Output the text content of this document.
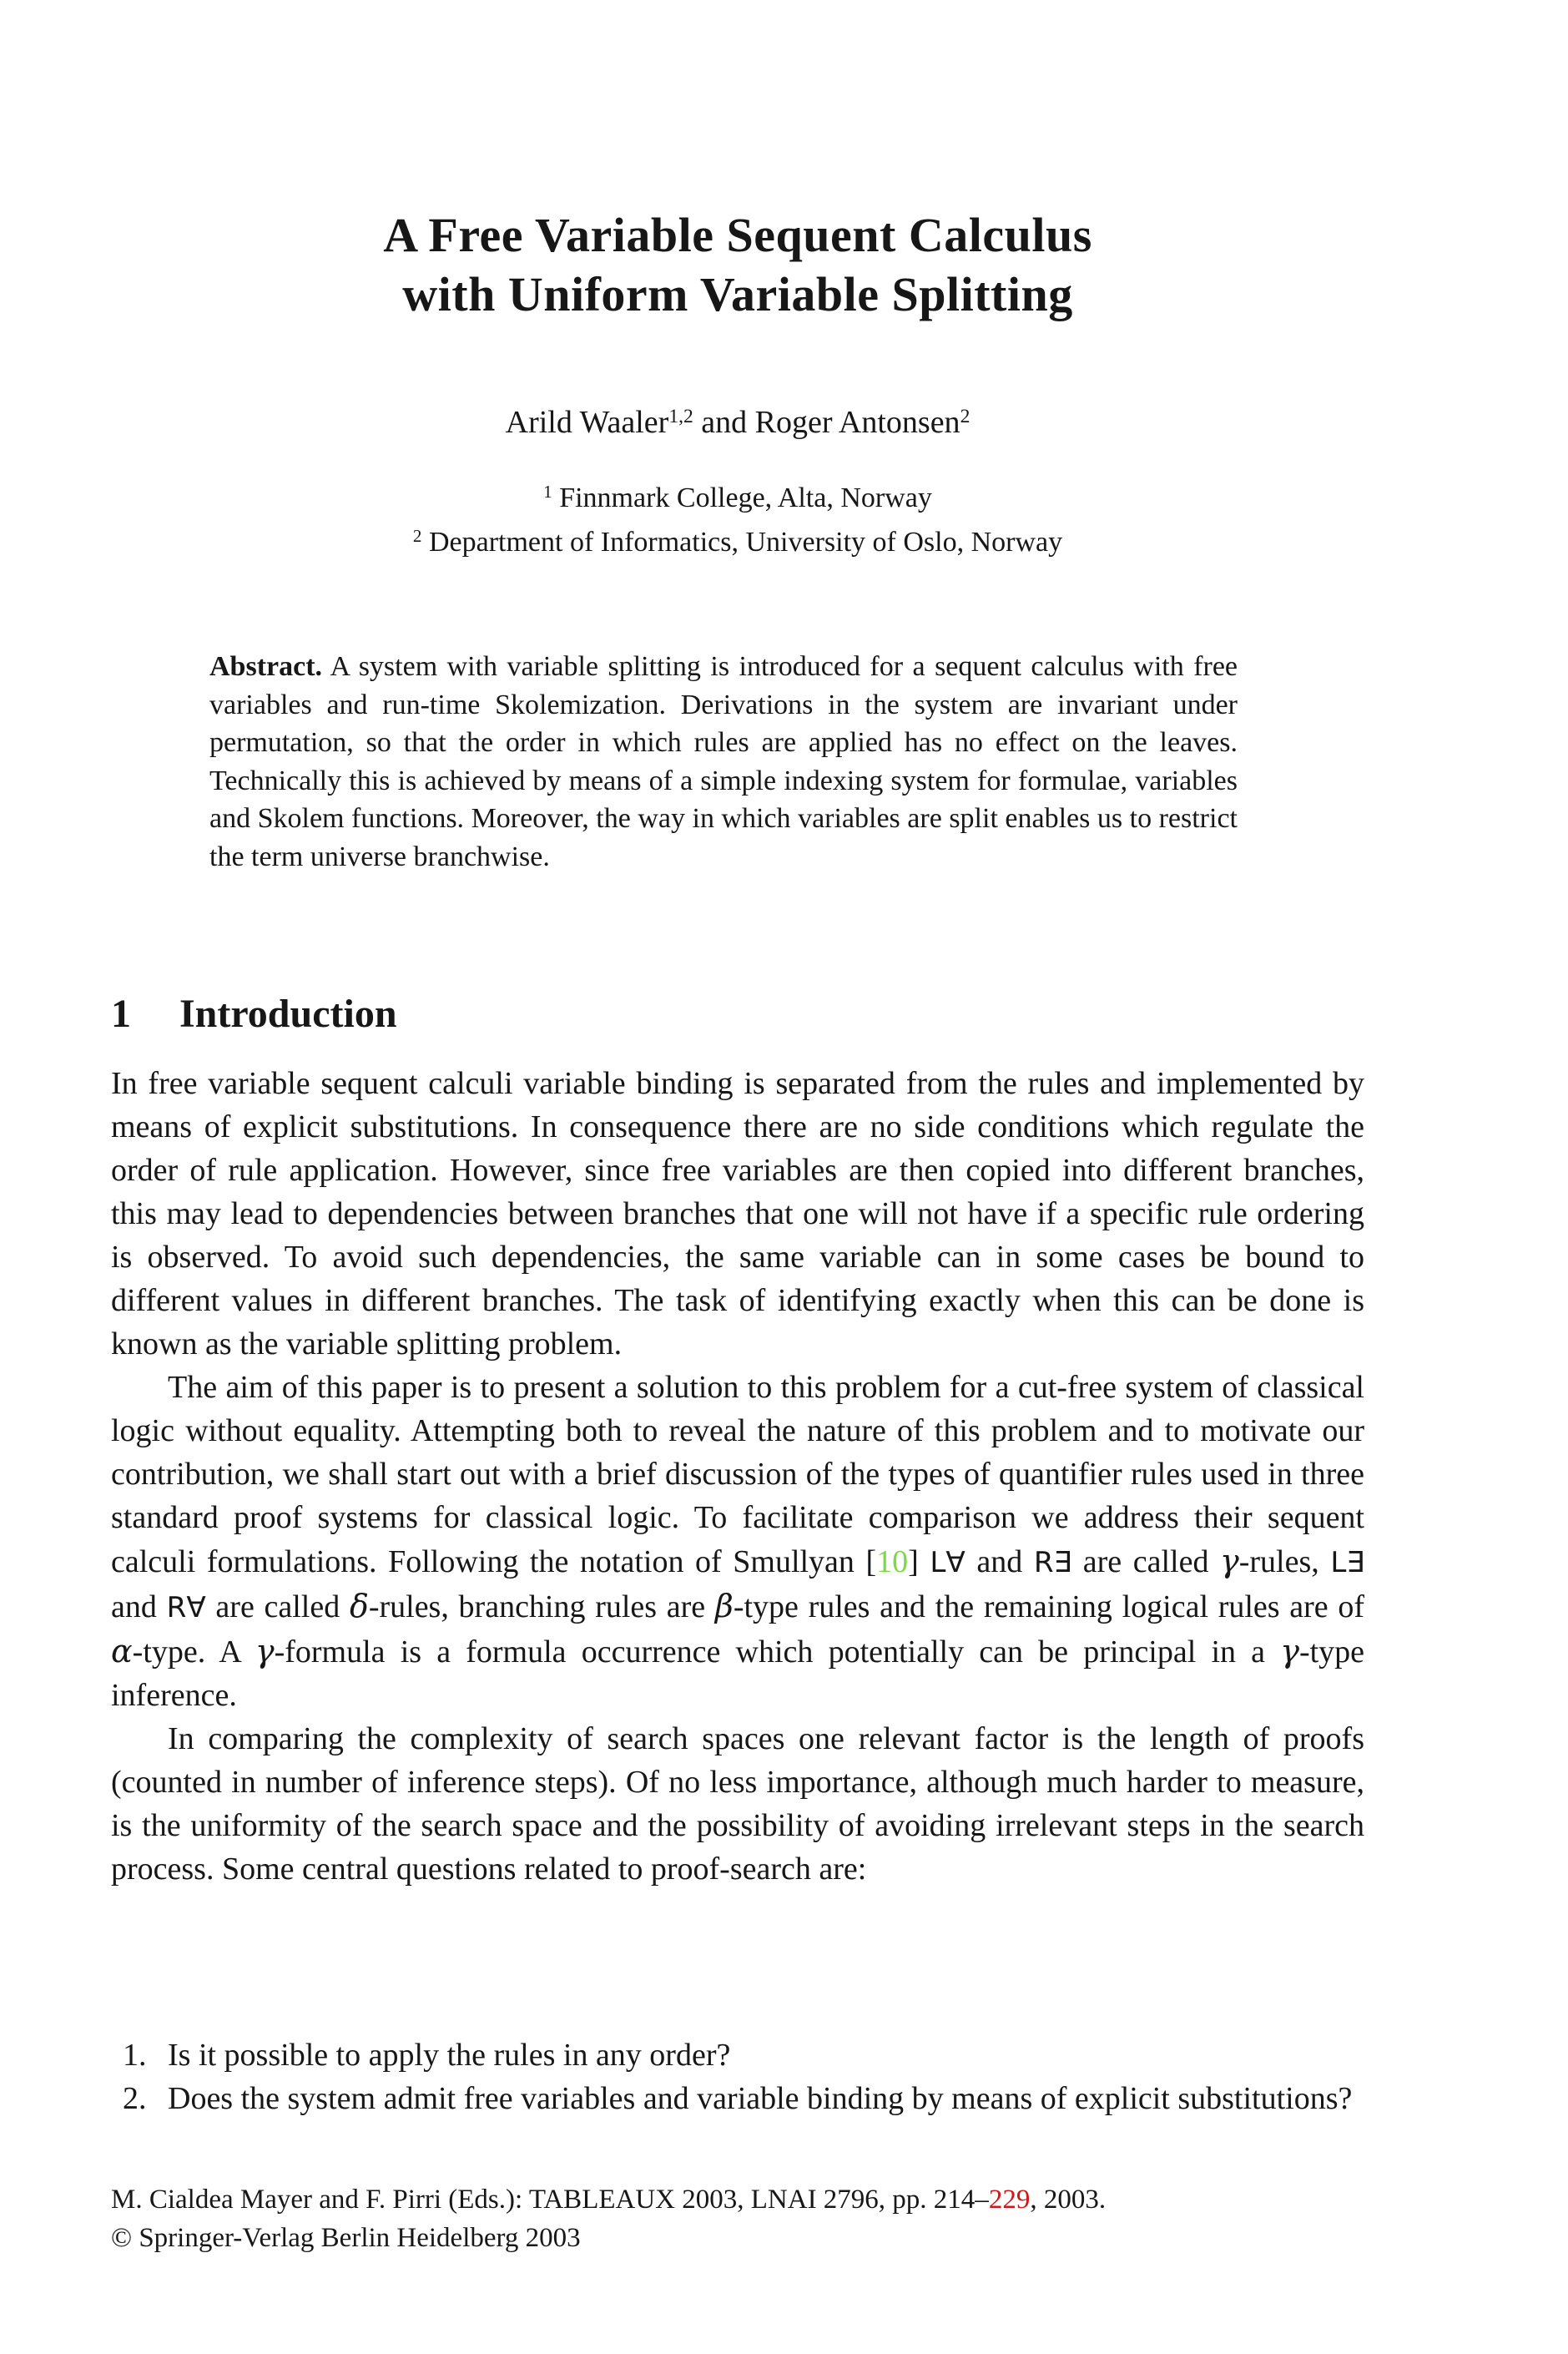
A Free Variable Sequent Calculus
with Uniform Variable Splitting
Arild Waaler$^{1,2}$ and Roger Antonsen$^2$
$^1$ Finnmark College, Alta, Norway
$^2$ Department of Informatics, University of Oslo, Norway
Abstract. A system with variable splitting is introduced for a sequent calculus with free variables and run-time Skolemization. Derivations in the system are invariant under permutation, so that the order in which rules are applied has no effect on the leaves. Technically this is achieved by means of a simple indexing system for formulae, variables and Skolem functions. Moreover, the way in which variables are split enables us to restrict the term universe branchwise.
1 Introduction

In free variable sequent calculi variable binding is separated from the rules and implemented by means of explicit substitutions. In consequence there are no side conditions which regulate the order of rule application. However, since free variables are then copied into different branches, this may lead to dependencies between branches that one will not have if a specific rule ordering is observed. To avoid such dependencies, the same variable can in some cases be bound to different values in different branches. The task of identifying exactly when this can be done is known as the variable splitting problem.

The aim of this paper is to present a solution to this problem for a cut-free system of classical logic without equality. Attempting both to reveal the nature of this problem and to motivate our contribution, we shall start out with a brief discussion of the types of quantifier rules used in three standard proof systems for classical logic. To facilitate comparison we address their sequent calculi formulations. Following the notation of Smullyan [10] L∀ and R∃ are called γ-rules, L∃ and R∀ are called δ-rules, branching rules are β-type rules and the remaining logical rules are of α-type. A γ-formula is a formula occurrence which potentially can be principal in a γ-type inference.

In comparing the complexity of search spaces one relevant factor is the length of proofs (counted in number of inference steps). Of no less importance, although much harder to measure, is the uniformity of the search space and the possibility of avoiding irrelevant steps in the search process. Some central questions related to proof-search are:

1. Is it possible to apply the rules in any order?

2. Does the system admit free variables and variable binding by means of explicit substitutions?

M. Cialdea Mayer and F. Pirri (Eds.): TABLEAUX 2003, LNAI 2796, pp. 214–229, 2003.
© Springer-Verlag Berlin Heidelberg 2003
